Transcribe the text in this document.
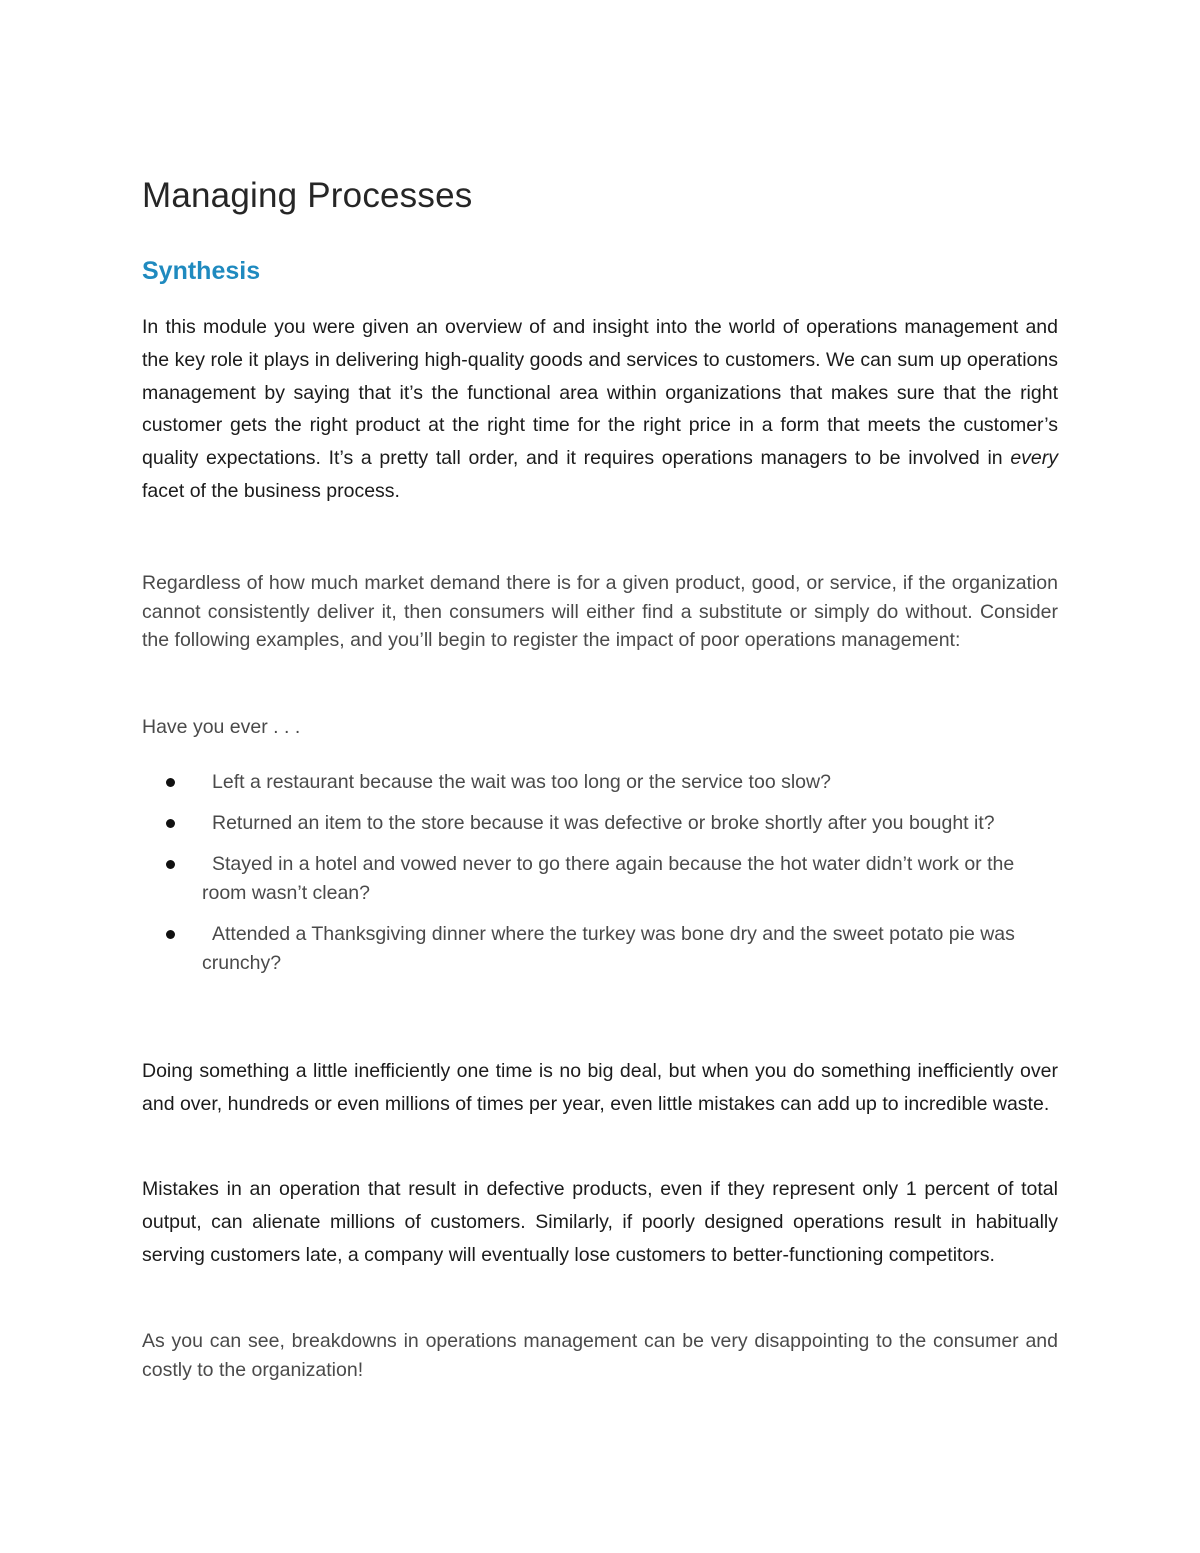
Managing Processes
Synthesis

In this module you were given an overview of and insight into the world of operations management and the key role it plays in delivering high-quality goods and services to customers. We can sum up operations management by saying that it’s the functional area within organizations that makes sure that the right customer gets the right product at the right time for the right price in a form that meets the customer’s quality expectations. It’s a pretty tall order, and it requires operations managers to be involved in every facet of the business process.

Regardless of how much market demand there is for a given product, good, or service, if the organization cannot consistently deliver it, then consumers will either find a substitute or simply do without. Consider the following examples, and you’ll begin to register the impact of poor operations management:

Have you ever . . .

Left a restaurant because the wait was too long or the service too slow?
Returned an item to the store because it was defective or broke shortly after you bought it?
Stayed in a hotel and vowed never to go there again because the hot water didn’t work or the room wasn’t clean?
Attended a Thanksgiving dinner where the turkey was bone dry and the sweet potato pie was crunchy?

Doing something a little inefficiently one time is no big deal, but when you do something inefficiently over and over, hundreds or even millions of times per year, even little mistakes can add up to incredible waste.

Mistakes in an operation that result in defective products, even if they represent only 1 percent of total output, can alienate millions of customers. Similarly, if poorly designed operations result in habitually serving customers late, a company will eventually lose customers to better-functioning competitors.

As you can see, breakdowns in operations management can be very disappointing to the consumer and costly to the organization!
